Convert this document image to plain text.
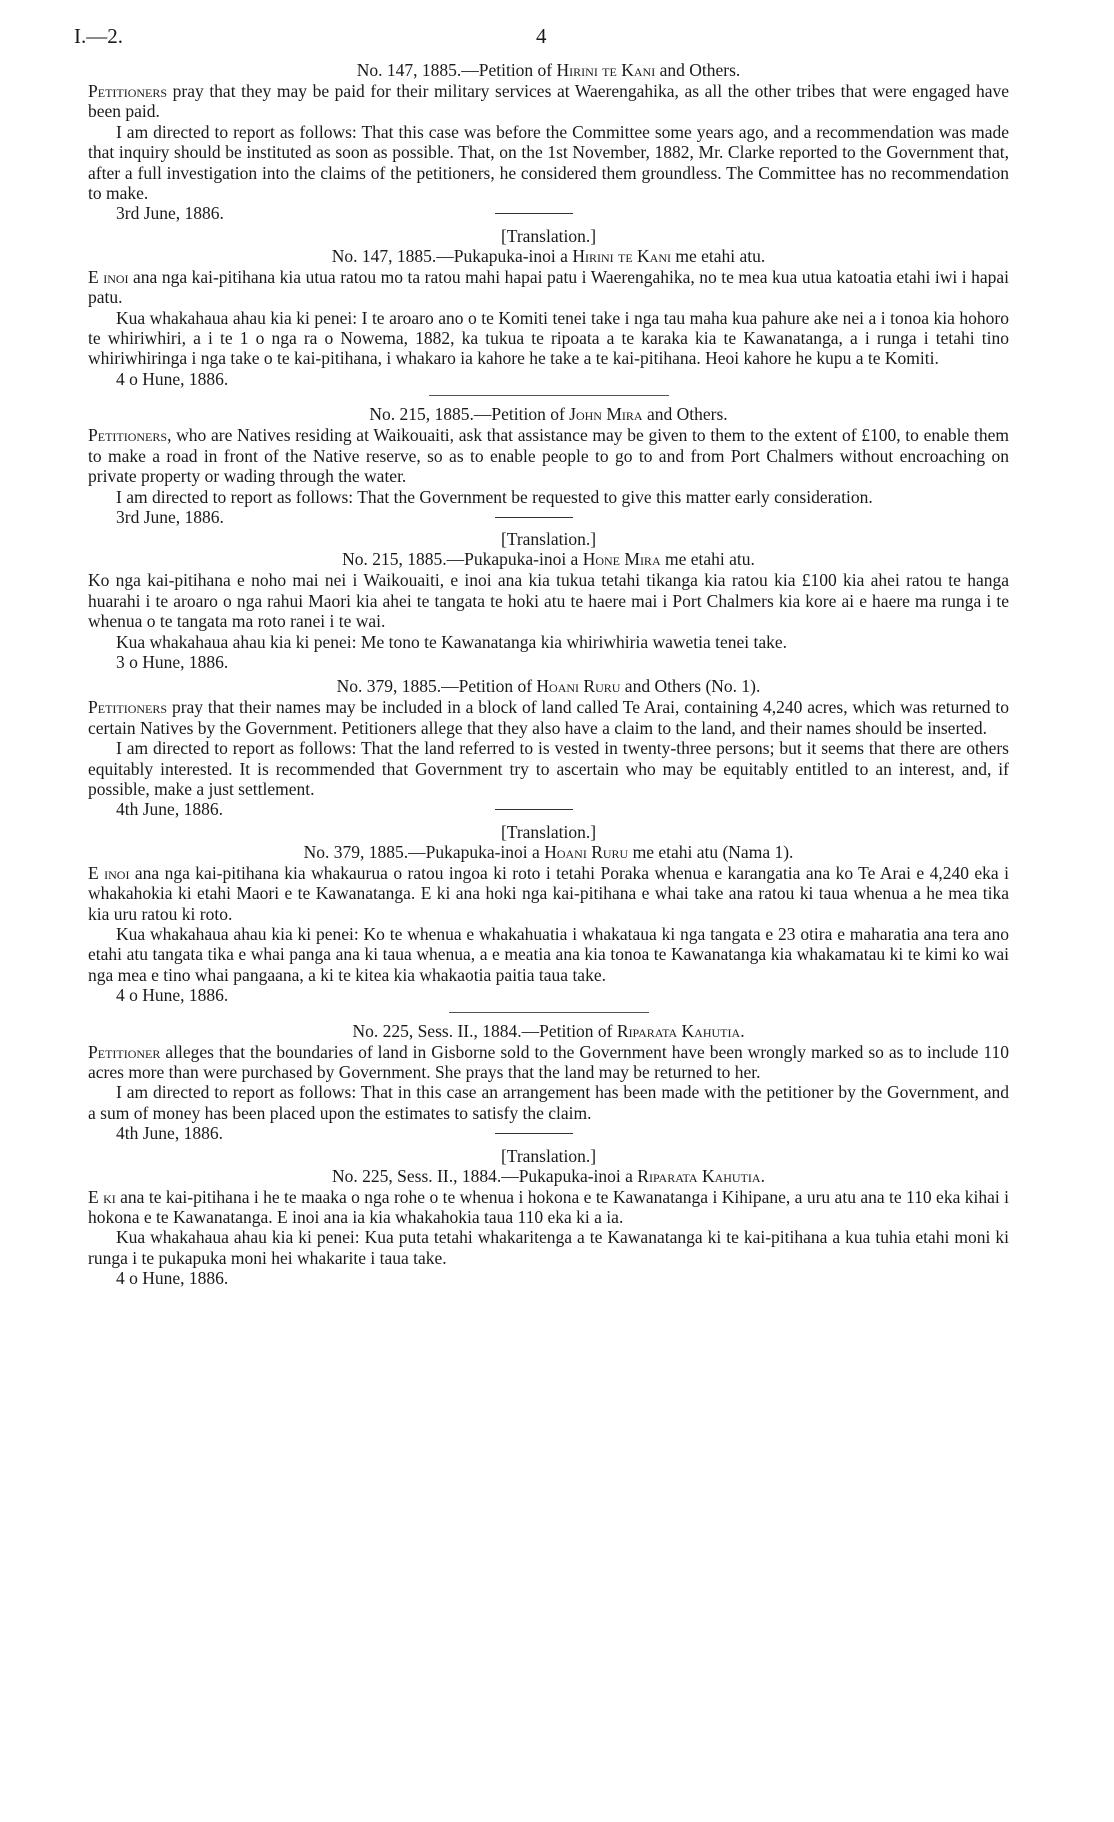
I.—2.	4
No. 147, 1885.—Petition of Hirini te Kani and Others.

Petitioners pray that they may be paid for their military services at Waerengahika, as all the other tribes that were engaged have been paid.

I am directed to report as follows: That this case was before the Committee some years ago, and a recommendation was made that inquiry should be instituted as soon as possible. That, on the 1st November, 1882, Mr. Clarke reported to the Government that, after a full investigation into the claims of the petitioners, he considered them groundless. The Committee has no recommendation to make.

3rd June, 1886.
[Translation.]
No. 147, 1885.—Pukapuka-inoi a Hirini te Kani me etahi atu.

E inoi ana nga kai-pitihana kia utua ratou mo ta ratou mahi hapai patu i Waerengahika, no te mea kua utua katoatia etahi iwi i hapai patu.

Kua whakahaua ahau kia ki penei: I te aroaro ano o te Komiti tenei take i nga tau maha kua pahure ake nei a i tonoa kia hohoro te whiriwhiri, a i te 1 o nga ra o Nowema, 1882, ka tukua te ripoata a te karaka kia te Kawanatanga, a i runga i tetahi tino whiriwhiringa i nga take o te kai-pitihana, i whakaro ia kahore he take a te kai-pitihana. Heoi kahore he kupu a te Komiti.

4 o Hune, 1886.
No. 215, 1885.—Petition of John Mira and Others.

Petitioners, who are Natives residing at Waikouaiti, ask that assistance may be given to them to the extent of £100, to enable them to make a road in front of the Native reserve, so as to enable people to go to and from Port Chalmers without encroaching on private property or wading through the water.

I am directed to report as follows: That the Government be requested to give this matter early consideration.

3rd June, 1886.
[Translation.]
No. 215, 1885.—Pukapuka-inoi a Hone Mira me etahi atu.

Ko nga kai-pitihana e noho mai nei i Waikouaiti, e inoi ana kia tukua tetahi tikanga kia ratou kia £100 kia ahei ratou te hanga huarahi i te aroaro o nga rahui Maori kia ahei te tangata te hoki atu te haere mai i Port Chalmers kia kore ai e haere ma runga i te whenua o te tangata ma roto ranei i te wai.

Kua whakahaua ahau kia ki penei: Me tono te Kawanatanga kia whiriwhiria wawetia tenei take.

3 o Hune, 1886.
No. 379, 1885.—Petition of Hoani Ruru and Others (No. 1).

Petitioners pray that their names may be included in a block of land called Te Arai, containing 4,240 acres, which was returned to certain Natives by the Government. Petitioners allege that they also have a claim to the land, and their names should be inserted.

I am directed to report as follows: That the land referred to is vested in twenty-three persons; but it seems that there are others equitably interested. It is recommended that Government try to ascertain who may be equitably entitled to an interest, and, if possible, make a just settlement.

4th June, 1886.
[Translation.]
No. 379, 1885.—Pukapuka-inoi a Hoani Ruru me etahi atu (Nama 1).

E inoi ana nga kai-pitihana kia whakaurua o ratou ingoa ki roto i tetahi Poraka whenua e karangatia ana ko Te Arai e 4,240 eka i whakahokia ki etahi Maori e te Kawanatanga. E ki ana hoki nga kai-pitihana e whai take ana ratou ki taua whenua a he mea tika kia uru ratou ki roto.

Kua whakahaua ahau kia ki penei: Ko te whenua e whakahuatia i whakataua ki nga tangata e 23 otira e maharatia ana tera ano etahi atu tangata tika e whai panga ana ki taua whenua, a e meatia ana kia tonoa te Kawanatanga kia whakamatau ki te kimi ko wai nga mea e tino whai pangaana, a ki te kitea kia whakaotia paitia taua take.

4 o Hune, 1886.
No. 225, Sess. II., 1884.—Petition of Riparata Kahutia.

Petitioner alleges that the boundaries of land in Gisborne sold to the Government have been wrongly marked so as to include 110 acres more than were purchased by Government. She prays that the land may be returned to her.

I am directed to report as follows: That in this case an arrangement has been made with the petitioner by the Government, and a sum of money has been placed upon the estimates to satisfy the claim.

4th June, 1886.
[Translation.]
No. 225, Sess. II., 1884.—Pukapuka-inoi a Riparata Kahutia.

E ki ana te kai-pitihana i he te maaka o nga rohe o te whenua i hokona e te Kawanatanga i Kihipane, a uru atu ana te 110 eka kihai i hokona e te Kawanatanga. E inoi ana ia kia whakahokia taua 110 eka ki a ia.

Kua whakahaua ahau kia ki penei: Kua puta tetahi whakaritenga a te Kawanatanga ki te kai-pitihana a kua tuhia etahi moni ki runga i te pukapuka moni hei whakarite i taua take.

4 o Hune, 1886.
